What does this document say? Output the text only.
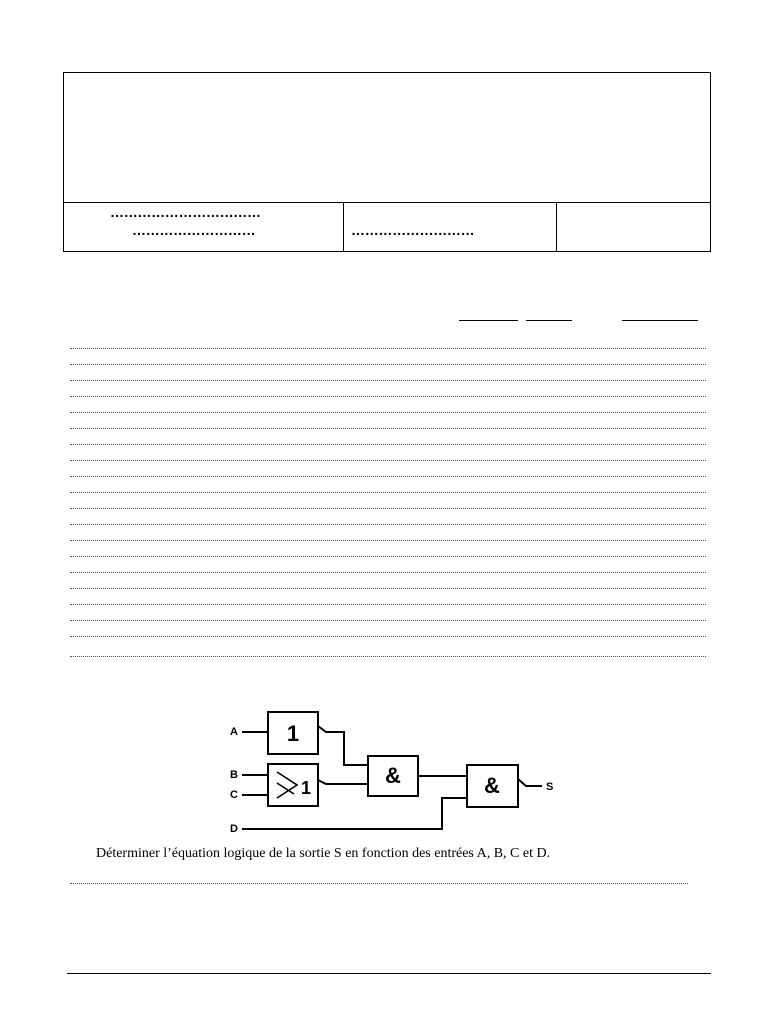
……………………………
………………………	………………………
A
B
C
D
1
1	&	&	S
Déterminer l’équation logique de la sortie S en fonction des entrées A, B, C et D.
